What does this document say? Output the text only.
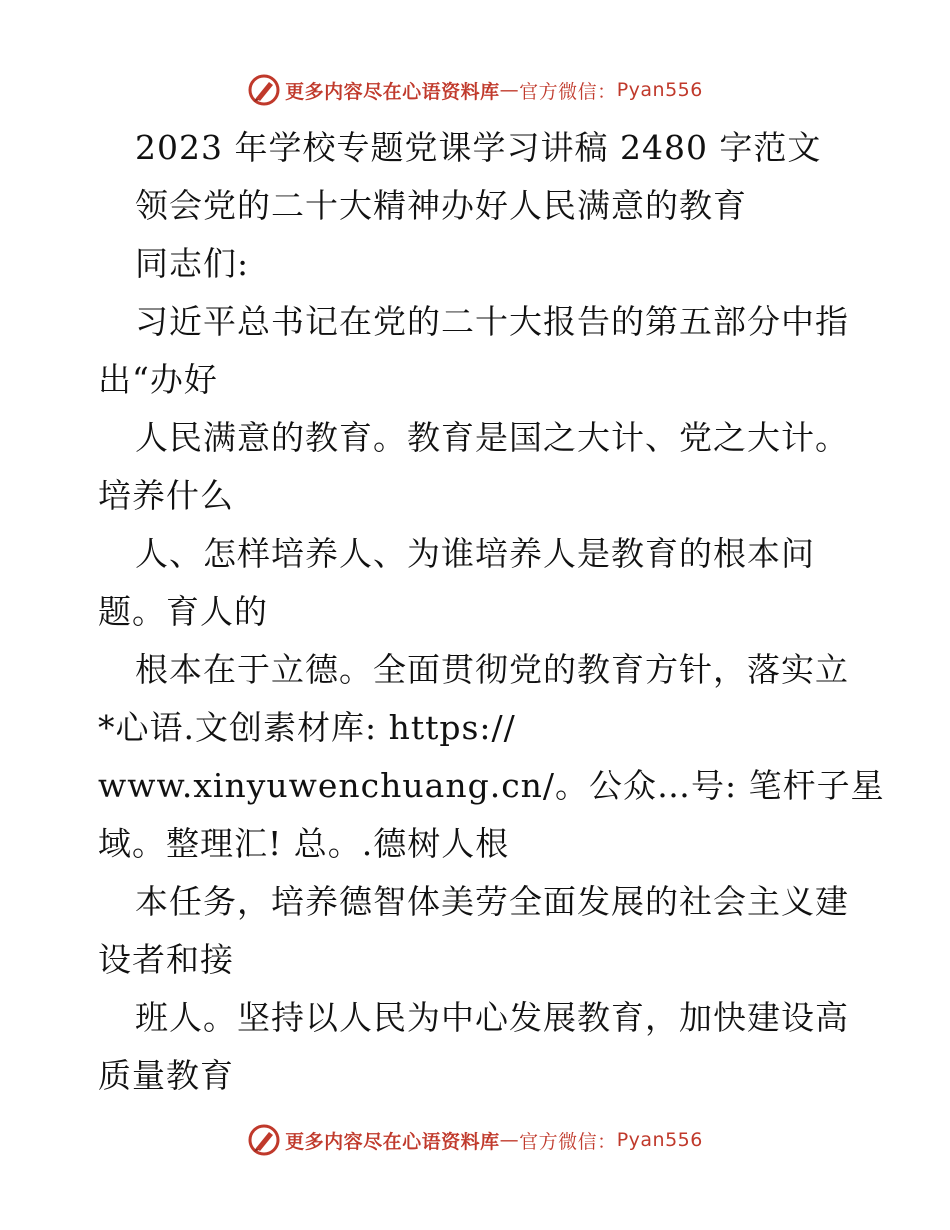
更多内容尽在心语资料库 — 官方微信： Pyan556
2023 年学校专题党课学习讲稿 2480 字范文
领会党的二十大精神办好人民满意的教育
同志们:
习近平总书记在党的二十大报告的第五部分中指
出“办好
人民满意的教育。教育是国之大计、党之大计。
培养什么
人、怎样培养人、为谁培养人是教育的根本问
题。育人的
根本在于立德。全面贯彻党的教育方针，落实立
*心语.文创素材库: https://
www.xinyuwenchuang.cn/。公众…号: 笔杆子星
域。整理汇! 总。.德树人根
本任务，培养德智体美劳全面发展的社会主义建
设者和接
班人。坚持以人民为中心发展教育，加快建设高
质量教育
更多内容尽在心语资料库 — 官方微信： Pyan556
